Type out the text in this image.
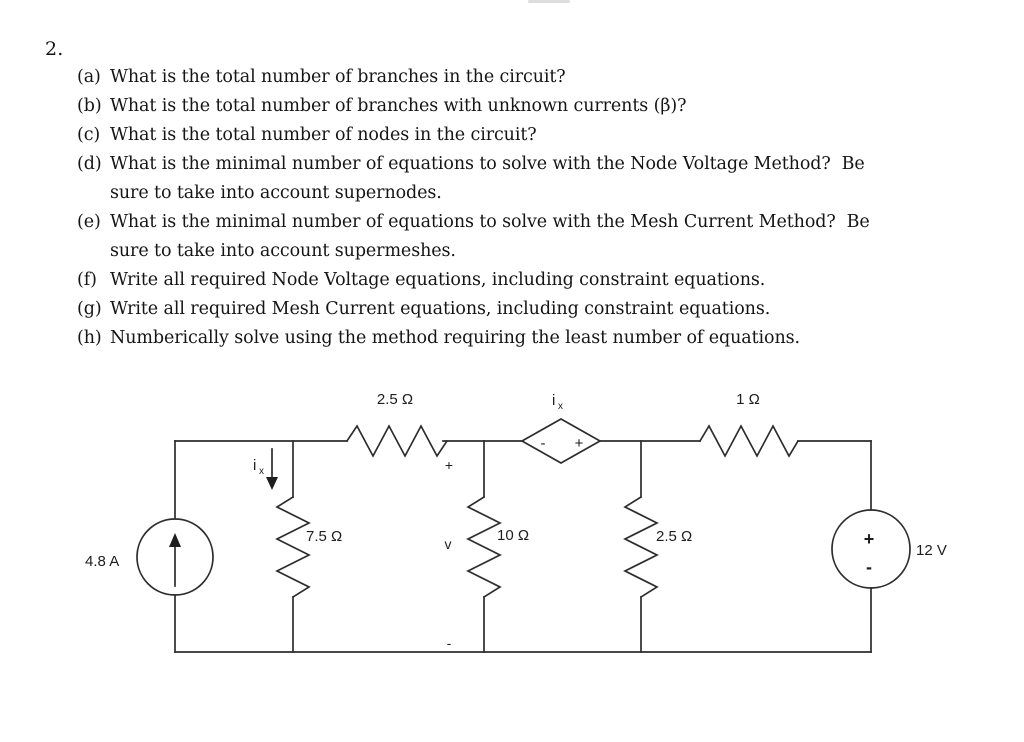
2.
(a) What is the total number of branches in the circuit?
(b) What is the total number of branches with unknown currents (β)?
(c) What is the total number of nodes in the circuit?
(d) What is the minimal number of equations to solve with the Node Voltage Method?  Be
sure to take into account supernodes.
(e) What is the minimal number of equations to solve with the Mesh Current Method?  Be
sure to take into account supermeshes.
(f) Write all required Node Voltage equations, including constraint equations.
(g) Write all required Mesh Current equations, including constraint equations.
(h) Numberically solve using the method requiring the least number of equations.
2.5 Ω	1 Ω
i x
- +
i x
7.5 Ω	10 Ω	2.5 Ω
+
v
-
4.8 A
+
-
12 V
